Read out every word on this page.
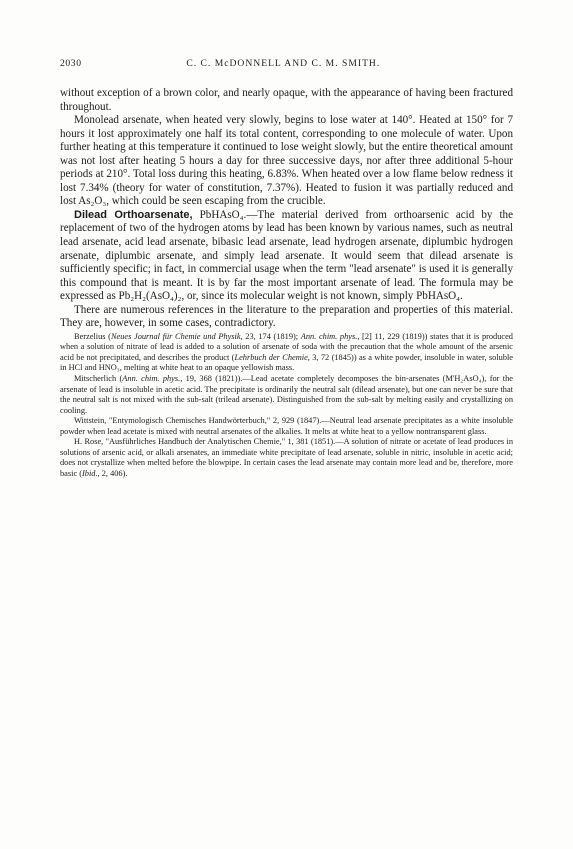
2030	C. C. McDONNELL AND C. M. SMITH.

without exception of a brown color, and nearly opaque, with the appearance of having been fractured throughout.

Monolead arsenate, when heated very slowly, begins to lose water at 140°. Heated at 150° for 7 hours it lost approximately one half its total content, corresponding to one molecule of water. Upon further heating at this temperature it continued to lose weight slowly, but the entire theoretical amount was not lost after heating 5 hours a day for three successive days, nor after three additional 5-hour periods at 210°. Total loss during this heating, 6.83%. When heated over a low flame below redness it lost 7.34% (theory for water of constitution, 7.37%). Heated to fusion it was partially reduced and lost As₂O₃, which could be seen escaping from the crucible.

Dilead Orthoarsenate, PbHAsO₄.—The material derived from orthoarsenic acid by the replacement of two of the hydrogen atoms by lead has been known by various names, such as neutral lead arsenate, acid lead arsenate, bibasic lead arsenate, lead hydrogen arsenate, diplumbic hydrogen arsenate, diplumbic arsenate, and simply lead arsenate. It would seem that dilead arsenate is sufficiently specific; in fact, in commercial usage when the term "lead arsenate" is used it is generally this compound that is meant. It is by far the most important arsenate of lead. The formula may be expressed as Pb₂H₂(AsO₄)₂, or, since its molecular weight is not known, simply PbHAsO₄.

There are numerous references in the literature to the preparation and properties of this material. They are, however, in some cases, contradictory.

Berzelius (Neues Journal für Chemie und Physik, 23, 174 (1819); Ann. chim. phys., [2] 11, 229 (1819)) states that it is produced when a solution of nitrate of lead is added to a solution of arsenate of soda with the precaution that the whole amount of the arsenic acid be not precipitated, and describes the product (Lehrbuch der Chemie, 3, 72 (1845)) as a white powder, insoluble in water, soluble in HCl and HNO₃, melting at white heat to an opaque yellowish mass.

Mitscherlich (Ann. chim. phys., 19, 368 (1821)).—Lead acetate completely decomposes the bin-arsenates (M'H₂AsO₄), for the arsenate of lead is insoluble in acetic acid. The precipitate is ordinarily the neutral salt (dilead arsenate), but one can never be sure that the neutral salt is not mixed with the sub-salt (trilead arsenate). Distinguished from the sub-salt by melting easily and crystallizing on cooling.

Wittstein, "Entymologisch Chemisches Handwörterbuch," 2, 929 (1847).—Neutral lead arsenate precipitates as a white insoluble powder when lead acetate is mixed with neutral arsenates of the alkalies. It melts at white heat to a yellow nontransparent glass.

H. Rose, "Ausführliches Handbuch der Analytischen Chemie," 1, 381 (1851).—A solution of nitrate or acetate of lead produces in solutions of arsenic acid, or alkali arsenates, an immediate white precipitate of lead arsenate, soluble in nitric, insoluble in acetic acid; does not crystallize when melted before the blowpipe. In certain cases the lead arsenate may contain more lead and be, therefore, more basic (Ibid., 2, 406).
